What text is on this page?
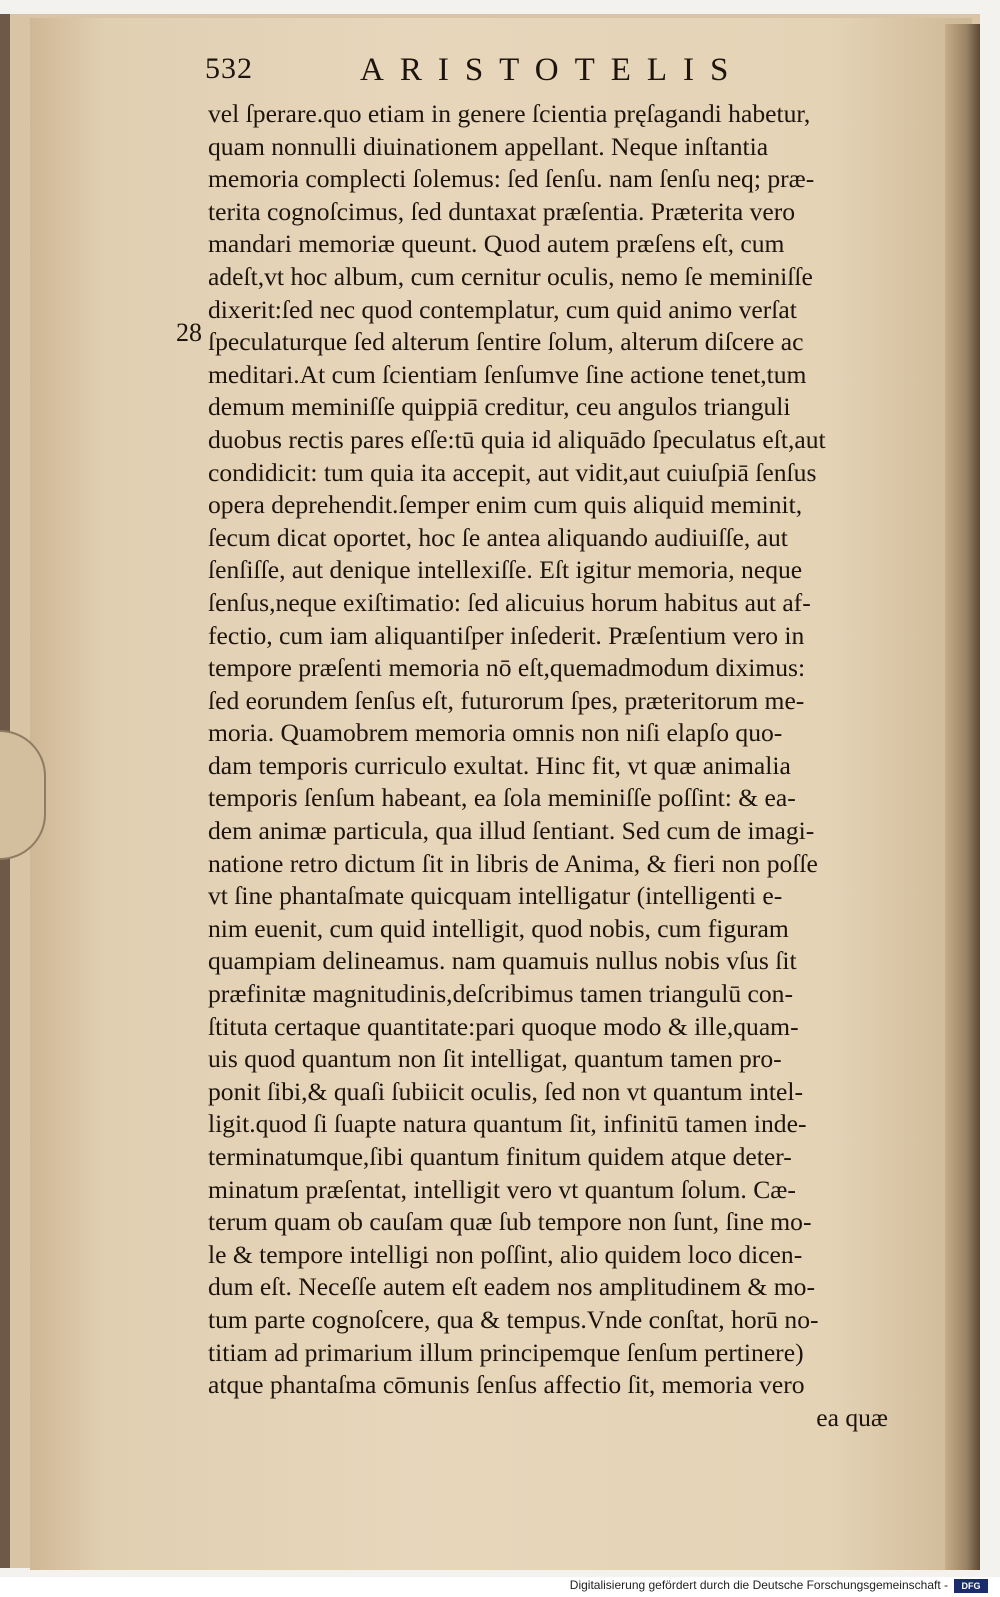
532	ARISTOTELIS
28
vel ſperare.quo etiam in genere ſcientia pręſagandi habetur,
quam nonnulli diuinationem appellant. Neque inſtantia
memoria complecti ſolemus: ſed ſenſu. nam ſenſu neq; præ-
terita cognoſcimus, ſed duntaxat præſentia. Præterita vero
mandari memoriæ queunt. Quod autem præſens eſt, cum
adeſt,vt hoc album, cum cernitur oculis, nemo ſe meminiſſe
dixerit:ſed nec quod contemplatur, cum quid animo verſat
ſpeculaturque ſed alterum ſentire ſolum, alterum diſcere ac
meditari.At cum ſcientiam ſenſumve ſine actione tenet,tum
demum meminiſſe quippiā creditur, ceu angulos trianguli
duobus rectis pares eſſe:tū quia id aliquādo ſpeculatus eſt,aut
condidicit: tum quia ita accepit, aut vidit,aut cuiuſpiā ſenſus
opera deprehendit.ſemper enim cum quis aliquid meminit,
ſecum dicat oportet, hoc ſe antea aliquando audiuiſſe, aut
ſenſiſſe, aut denique intellexiſſe. Eſt igitur memoria, neque
ſenſus,neque exiſtimatio: ſed alicuius horum habitus aut af-
fectio, cum iam aliquantiſper inſederit. Præſentium vero in
tempore præſenti memoria nō eſt,quemadmodum diximus:
ſed eorundem ſenſus eſt, futurorum ſpes, præteritorum me-
moria. Quamobrem memoria omnis non niſi elapſo quo-
dam temporis curriculo exultat. Hinc fit, vt quæ animalia
temporis ſenſum habeant, ea ſola meminiſſe poſſint: & ea-
dem animæ particula, qua illud ſentiant. Sed cum de imagi-
natione retro dictum ſit in libris de Anima, & fieri non poſſe
vt ſine phantaſmate quicquam intelligatur (intelligenti e-
nim euenit, cum quid intelligit, quod nobis, cum figuram
quampiam delineamus. nam quamuis nullus nobis vſus ſit
præfinitæ magnitudinis,deſcribimus tamen triangulū con-
ſtituta certaque quantitate:pari quoque modo & ille,quam-
uis quod quantum non ſit intelligat, quantum tamen pro-
ponit ſibi,& quaſi ſubiicit oculis, ſed non vt quantum intel-
ligit.quod ſi ſuapte natura quantum ſit, infinitū tamen inde-
terminatumque,ſibi quantum finitum quidem atque deter-
minatum præſentat, intelligit vero vt quantum ſolum. Cæ-
terum quam ob cauſam quæ ſub tempore non ſunt, ſine mo-
le & tempore intelligi non poſſint, alio quidem loco dicen-
dum eſt. Neceſſe autem eſt eadem nos amplitudinem & mo-
tum parte cognoſcere, qua & tempus.Vnde conſtat, horū no-
titiam ad primarium illum principemque ſenſum pertinere)
atque phantaſma cōmunis ſenſus affectio ſit, memoria vero
ea quæ
Digitalisierung gefördert durch die Deutsche Forschungsgemeinschaft -	DFG
